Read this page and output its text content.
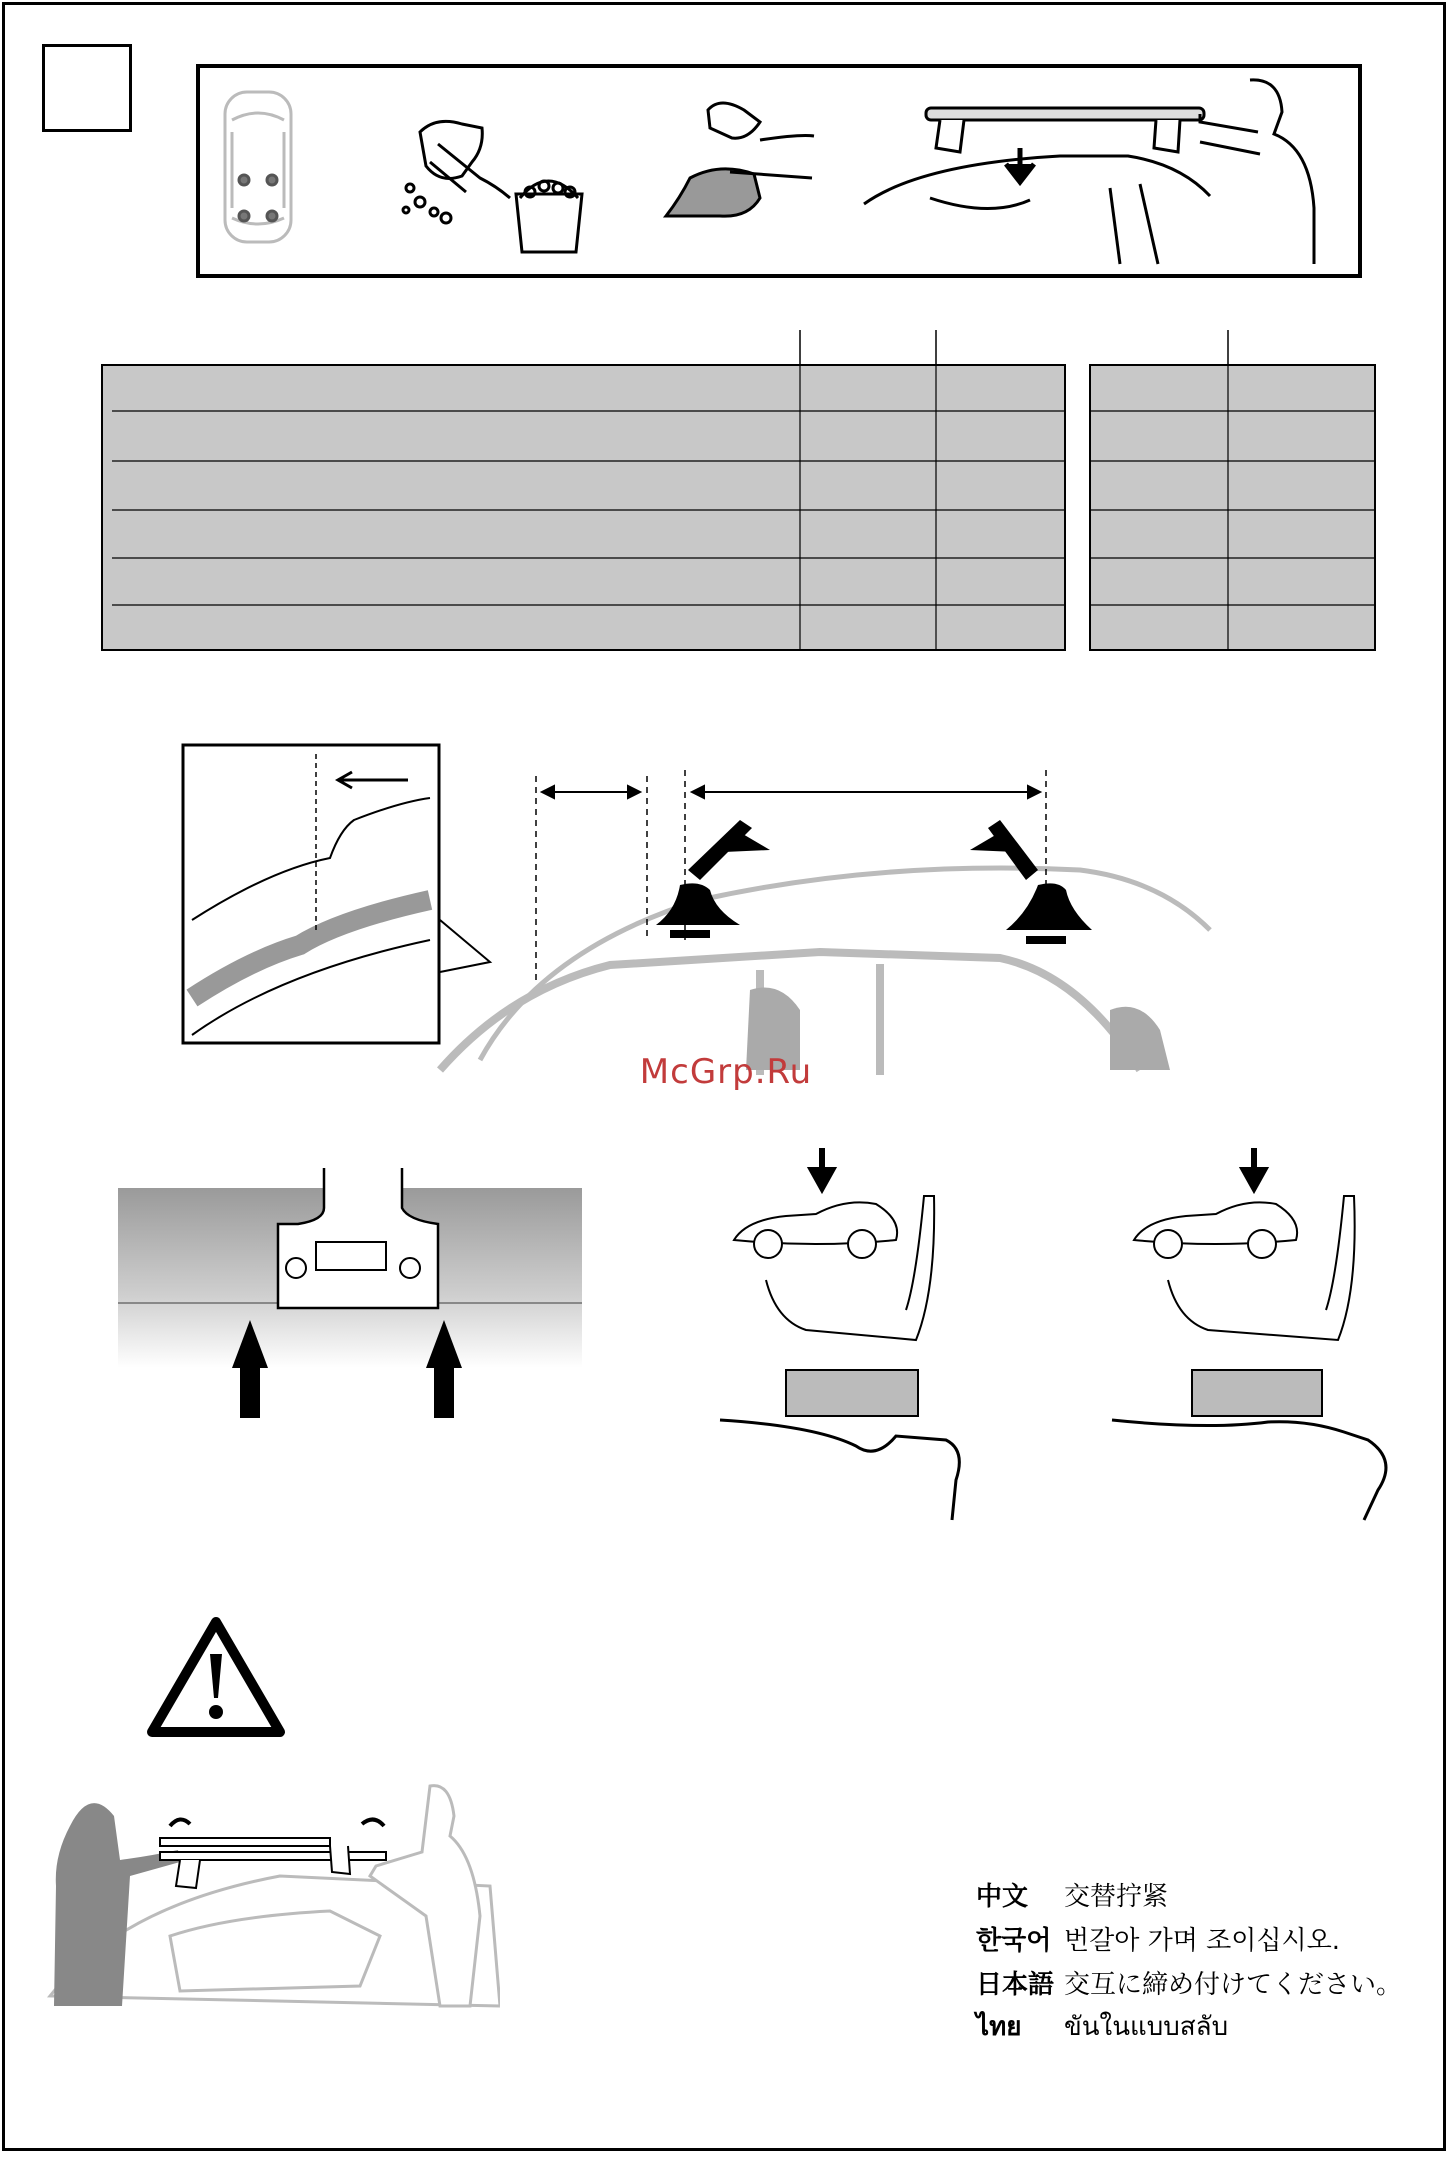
McGrp.Ru
中文 交替拧紧
한국어 번갈아 가며 조이십시오.
日本語 交互に締め付けてください。
ไทย ขันในแบบสลับ
